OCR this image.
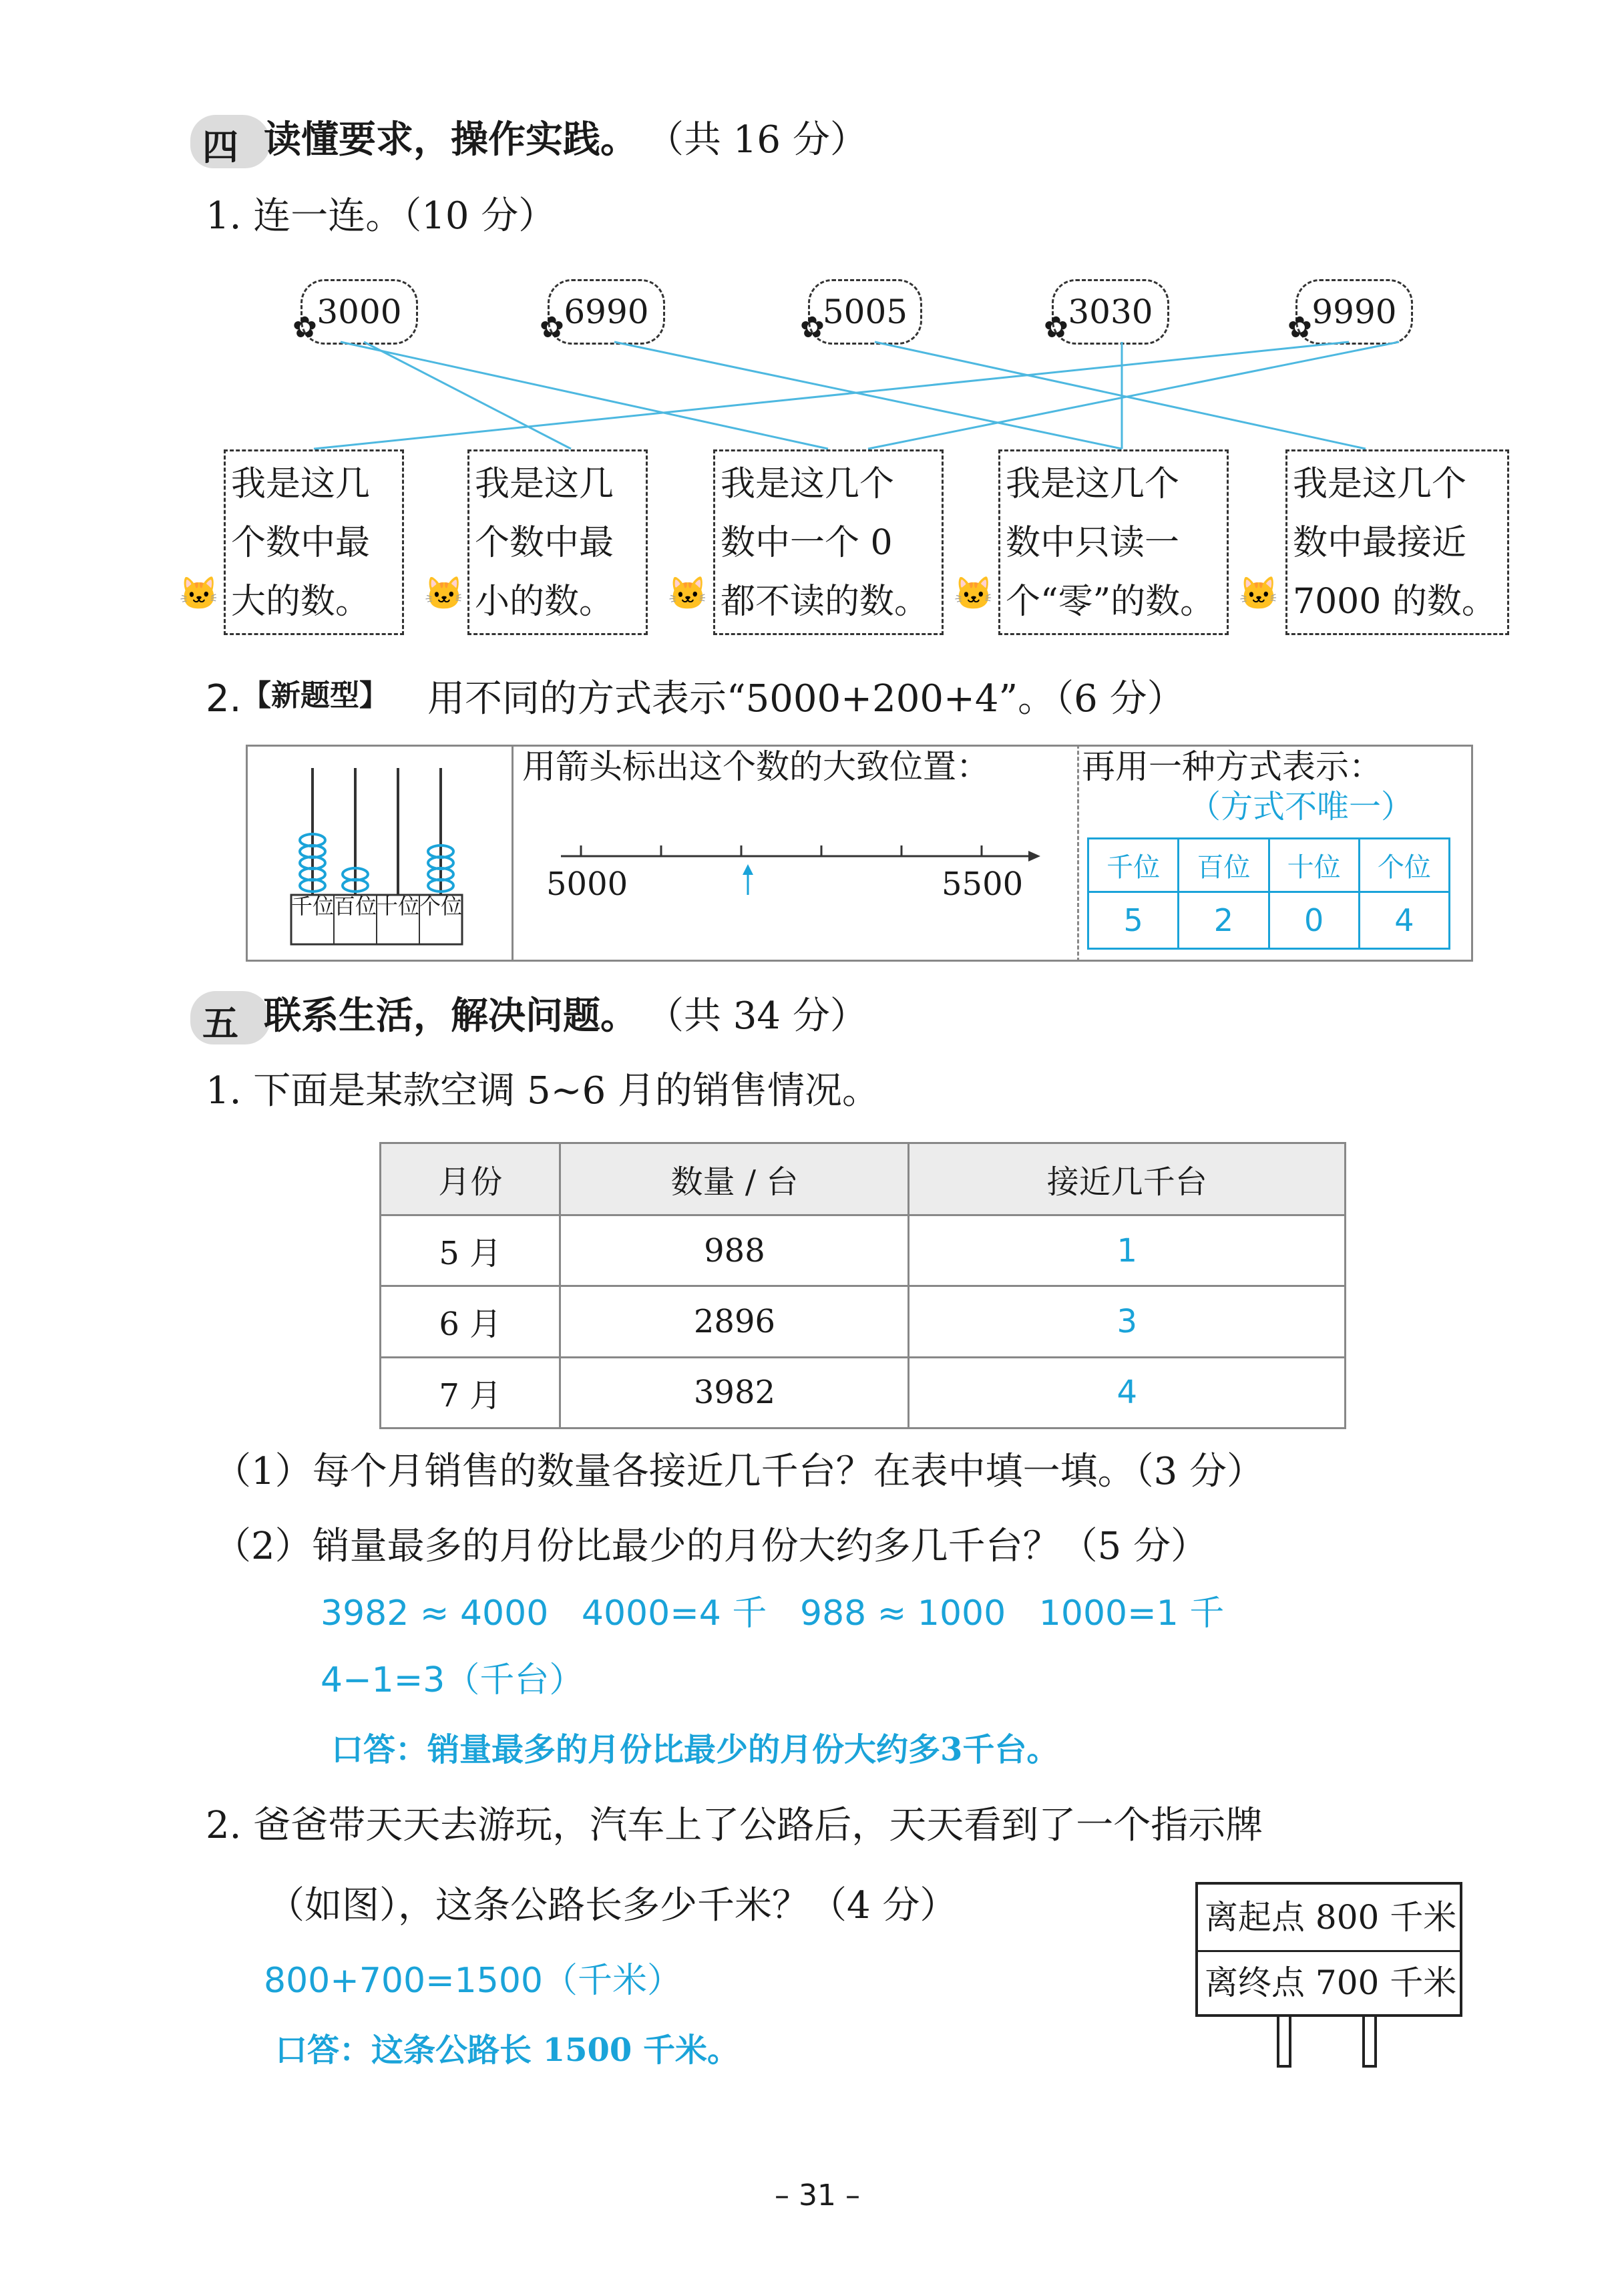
四 读懂要求，操作实践。 （共 16 分）
1. 连一连。（10 分）
3000	6990	5005	3030	9990
✿	✿	✿	✿	✿
我是这几
个数中最
大的数。
我是这几
个数中最
小的数。
我是这几个
数中一个 0
都不读的数。
我是这几个
数中只读一
个“零”的数。
我是这几个
数中最接近
7000 的数。
🐱	🐱	🐱	🐱	🐱
2. 【新题型】 用不同的方式表示“5000+200+4”。（6 分）
千位 百位 十位 个位
用箭头标出这个数的大致位置：
5000	5500
再用一种方式表示：
（方式不唯一）
千位	百位	十位	个位
5	2	0	4
五 联系生活，解决问题。 （共 34 分）
1. 下面是某款空调 5~6 月的销售情况。
月份	数量 / 台	接近几千台
5 月	988	1
6 月	2896	3
7 月	3982	4
（1）每个月销售的数量各接近几千台？在表中填一填。（3 分）
（2）销量最多的月份比最少的月份大约多几千台？（5 分）
3982 ≈ 4000   4000=4 千   988 ≈ 1000   1000=1 千
4−1=3（千台）
口答：销量最多的月份比最少的月份大约多3千台。
2. 爸爸带天天去游玩，汽车上了公路后，天天看到了一个指示牌
（如图），这条公路长多少千米？（4 分）	离起点 800 千米
离终点 700 千米
800+700=1500（千米）
口答：这条公路长 1500 千米。
– 31 –
